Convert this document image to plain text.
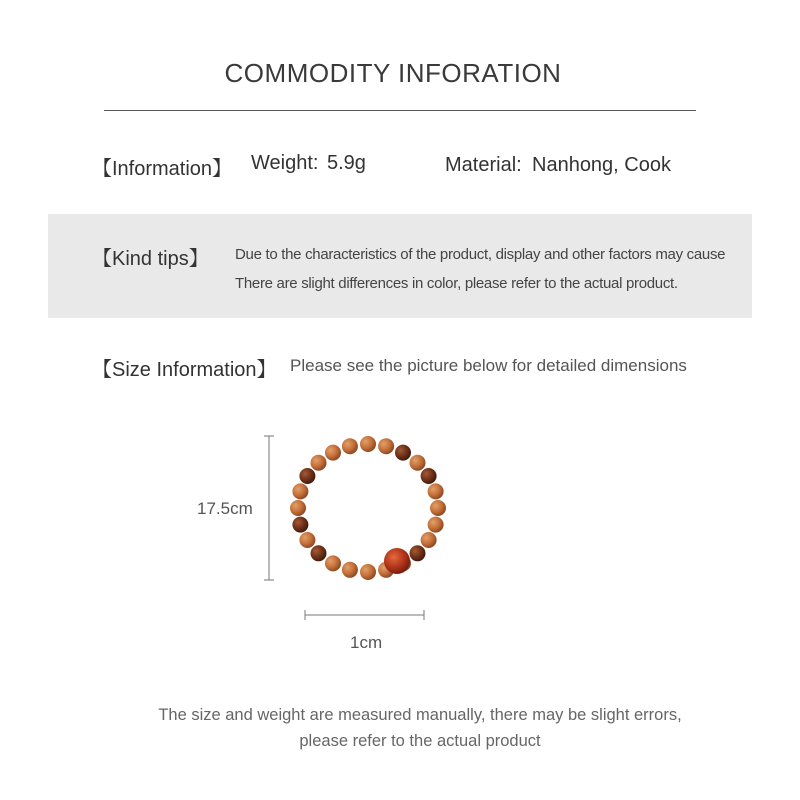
COMMODITY INFORATION
【Information】 Weight: 5.9g	Material: Nanhong, Cook
【Kind tips】 Due to the characteristics of the product, display and other factors may cause
There are slight differences in color, please refer to the actual product.
【Size Information】 Please see the picture below for detailed dimensions
17.5cm
1cm
The size and weight are measured manually, there may be slight errors,
please refer to the actual product
